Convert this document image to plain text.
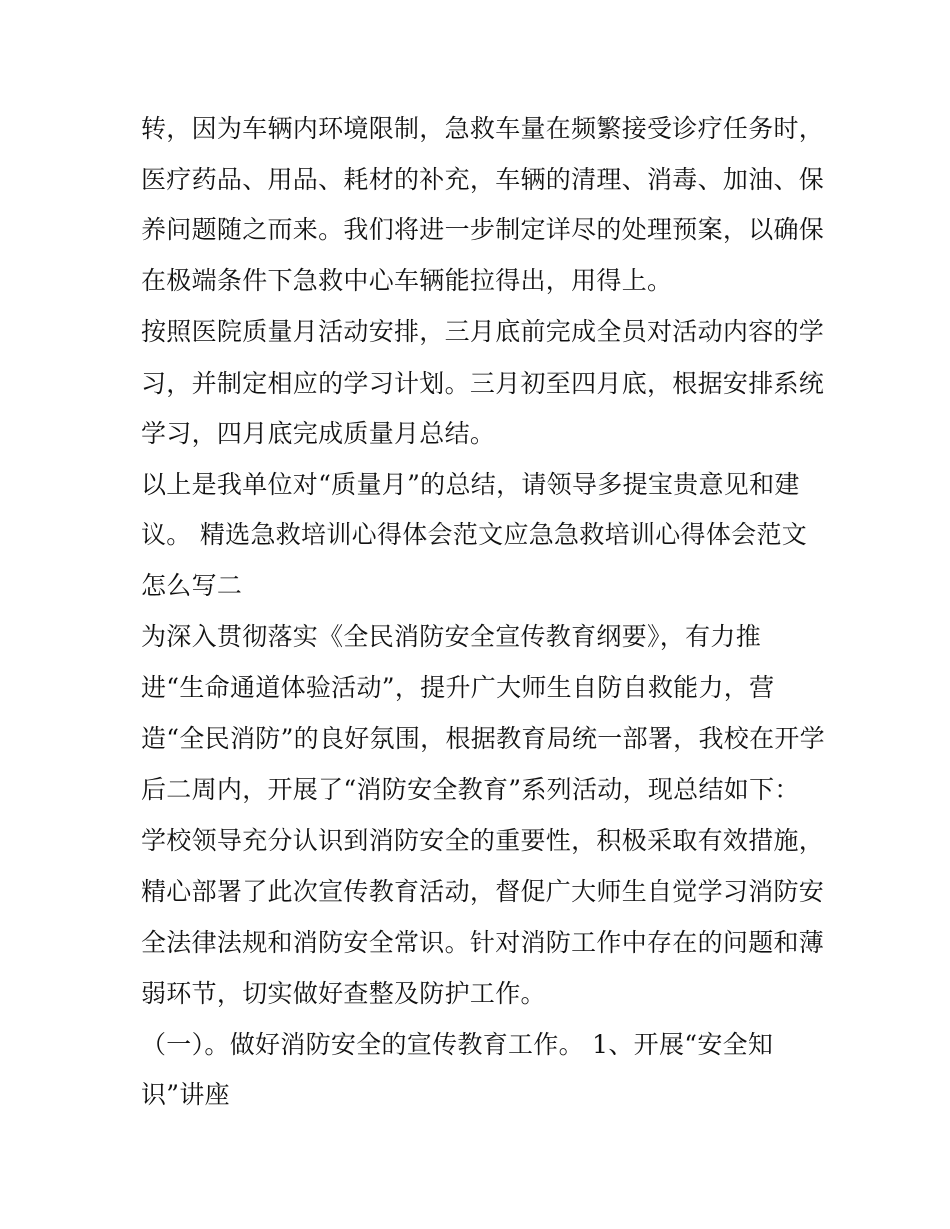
转，因为车辆内环境限制，急救车量在频繁接受诊疗任务时，
医疗药品、用品、耗材的补充，车辆的清理、消毒、加油、保
养问题随之而来。我们将进一步制定详尽的处理预案，以确保
在极端条件下急救中心车辆能拉得出，用得上。
按照医院质量月活动安排，三月底前完成全员对活动内容的学
习，并制定相应的学习计划。三月初至四月底，根据安排系统
学习，四月底完成质量月总结。
以上是我单位对“质量月”的总结，请领导多提宝贵意见和建
议。 精选急救培训心得体会范文应急急救培训心得体会范文
怎么写二
为深入贯彻落实《全民消防安全宣传教育纲要》，有力推
进“生命通道体验活动”，提升广大师生自防自救能力，营
造“全民消防”的良好氛围，根据教育局统一部署，我校在开学
后二周内，开展了“消防安全教育”系列活动，现总结如下：
学校领导充分认识到消防安全的重要性，积极采取有效措施，
精心部署了此次宣传教育活动，督促广大师生自觉学习消防安
全法律法规和消防安全常识。针对消防工作中存在的问题和薄
弱环节，切实做好查整及防护工作。
（一）。做好消防安全的宣传教育工作。 1、开展“安全知
识”讲座
